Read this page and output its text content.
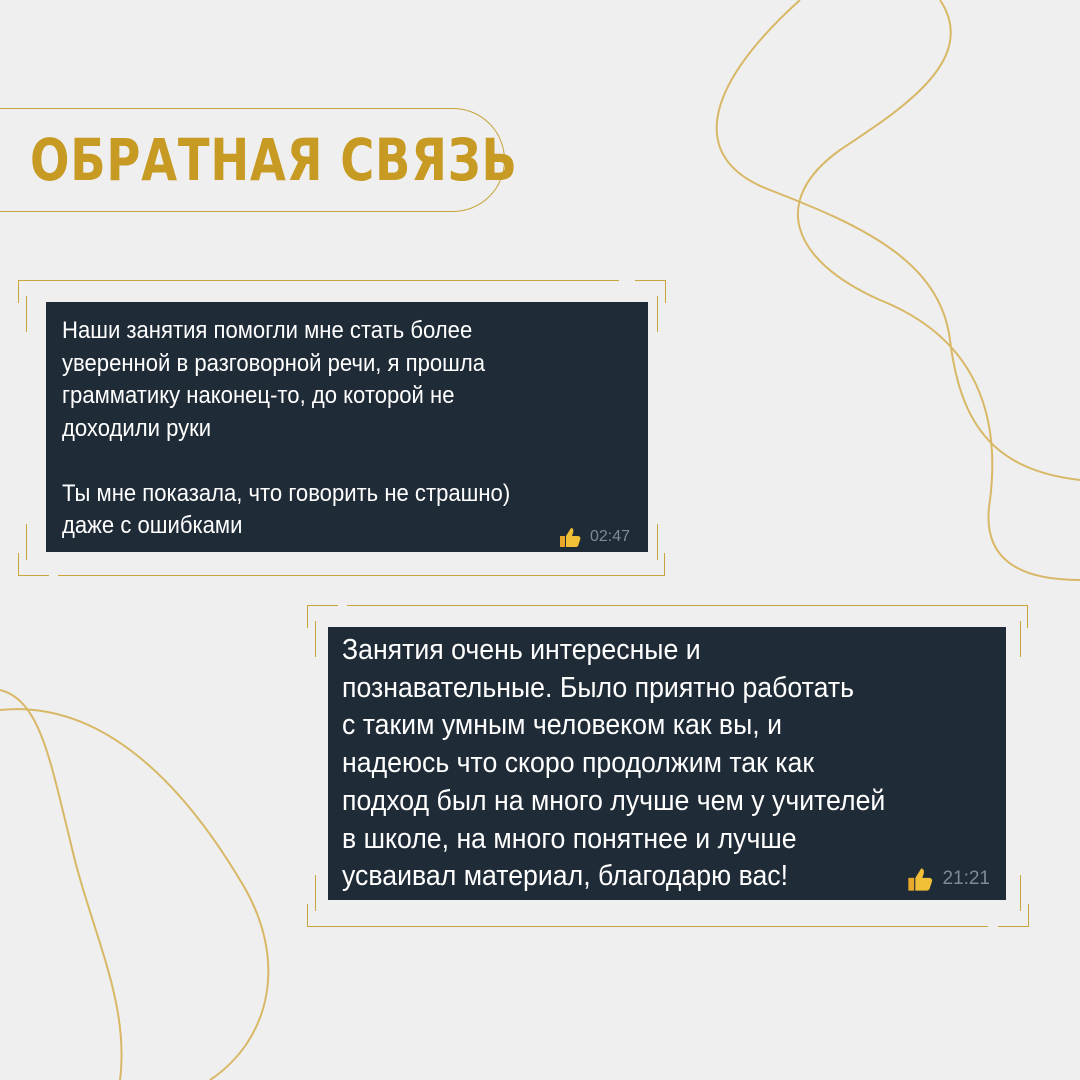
ОБРАТНАЯ СВЯЗЬ
Наши занятия помогли мне стать более
уверенной в разговорной речи, я прошла
грамматику наконец-то, до которой не
доходили руки

Ты мне показала, что говорить не страшно)
даже с ошибками	02:47
Занятия очень интересные и
познавательные. Было приятно работать
с таким умным человеком как вы, и
надеюсь что скоро продолжим так как
подход был на много лучше чем у учителей
в школе, на много понятнее и лучше
усваивал материал, благодарю вас!	21:21
